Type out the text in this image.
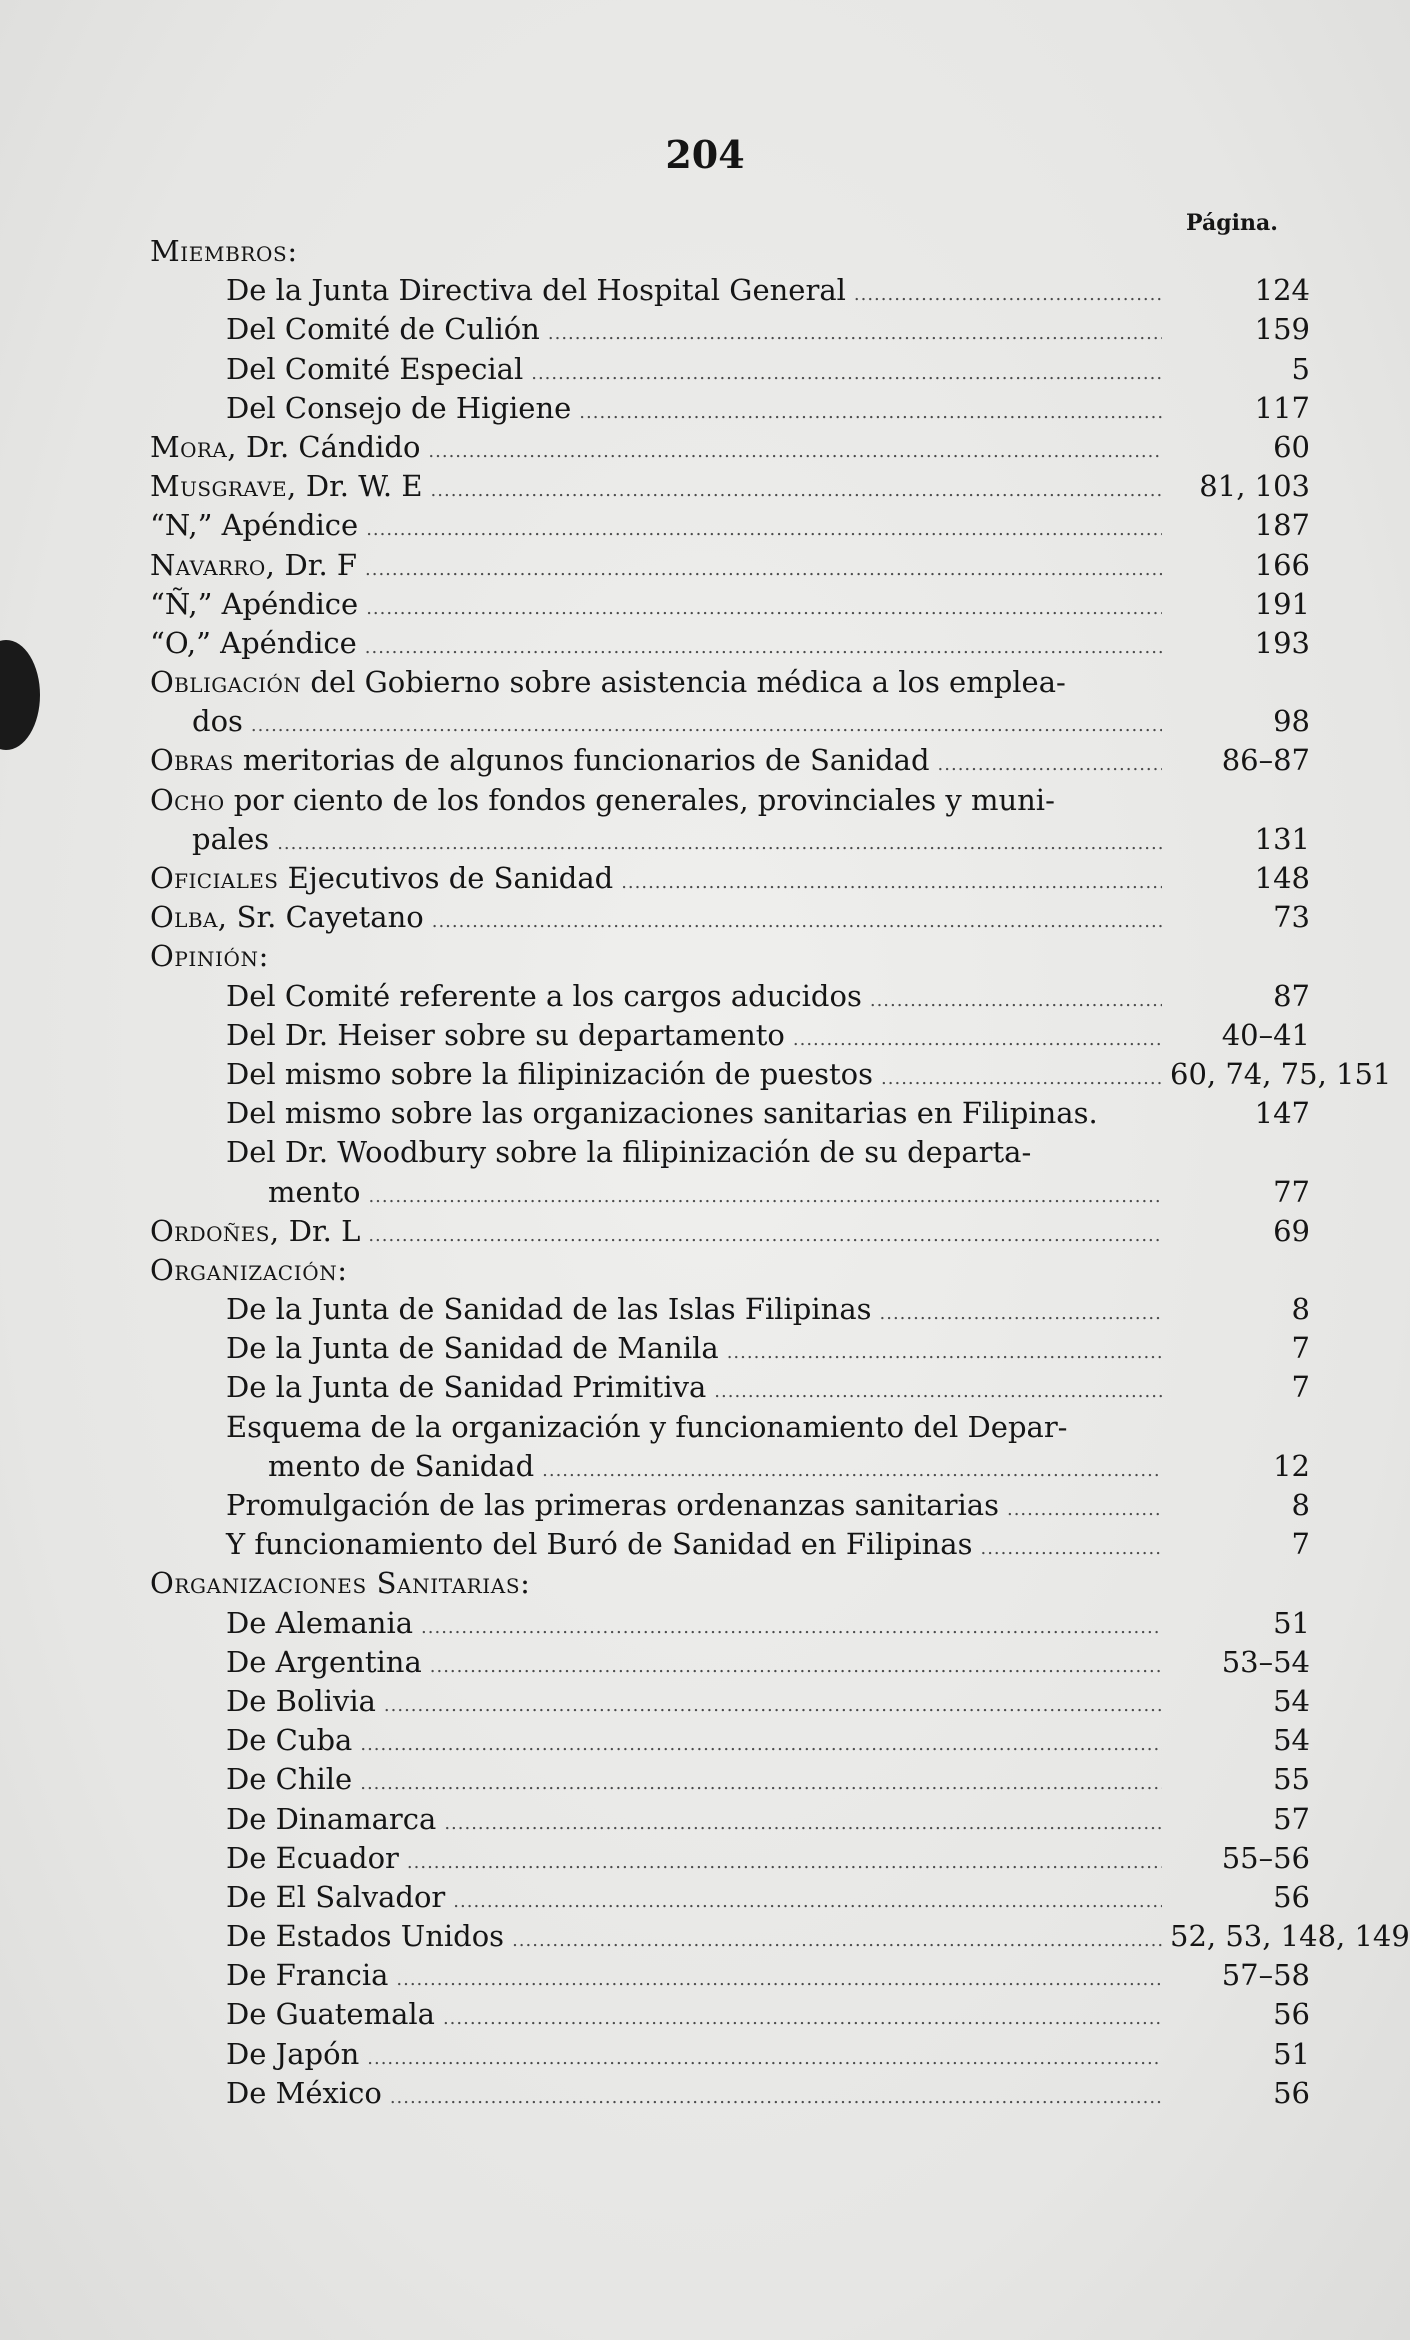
204
Página.
Miembros:
De la Junta Directiva del Hospital General .....	124
Del Comité de Culión .....	159
Del Comité Especial .....	5
Del Consejo de Higiene .....	117
Mora, Dr. Cándido .....	60
Musgrave, Dr. W. E .....	81, 103
“N,” Apéndice .....	187
Navarro, Dr. F .....	166
“Ñ,” Apéndice .....	191
“O,” Apéndice .....	193
Obligación del Gobierno sobre asistencia médica a los emplea-
dos .....	98
Obras meritorias de algunos funcionarios de Sanidad .....	86–87
Ocho por ciento de los fondos generales, provinciales y muni-
pales .....	131
Oficiales Ejecutivos de Sanidad .....	148
Olba, Sr. Cayetano .....	73
Opinión:
Del Comité referente a los cargos aducidos .....	87
Del Dr. Heiser sobre su departamento .....	40–41
Del mismo sobre la filipinización de puestos .....	60, 74, 75, 151
Del mismo sobre las organizaciones sanitarias en Filipinas.	147
Del Dr. Woodbury sobre la filipinización de su departa-
mento .....	77
Ordoñes, Dr. L .....	69
Organización:
De la Junta de Sanidad de las Islas Filipinas .....	8
De la Junta de Sanidad de Manila .....	7
De la Junta de Sanidad Primitiva .....	7
Esquema de la organización y funcionamiento del Depar-
mento de Sanidad .....	12
Promulgación de las primeras ordenanzas sanitarias .....	8
Y funcionamiento del Buró de Sanidad en Filipinas .....	7
Organizaciones Sanitarias:
De Alemania .....	51
De Argentina .....	53–54
De Bolivia .....	54
De Cuba .....	54
De Chile .....	55
De Dinamarca .....	57
De Ecuador .....	55–56
De El Salvador .....	56
De Estados Unidos .....	52, 53, 148, 149
De Francia .....	57–58
De Guatemala .....	56
De Japón .....	51
De México .....	56
